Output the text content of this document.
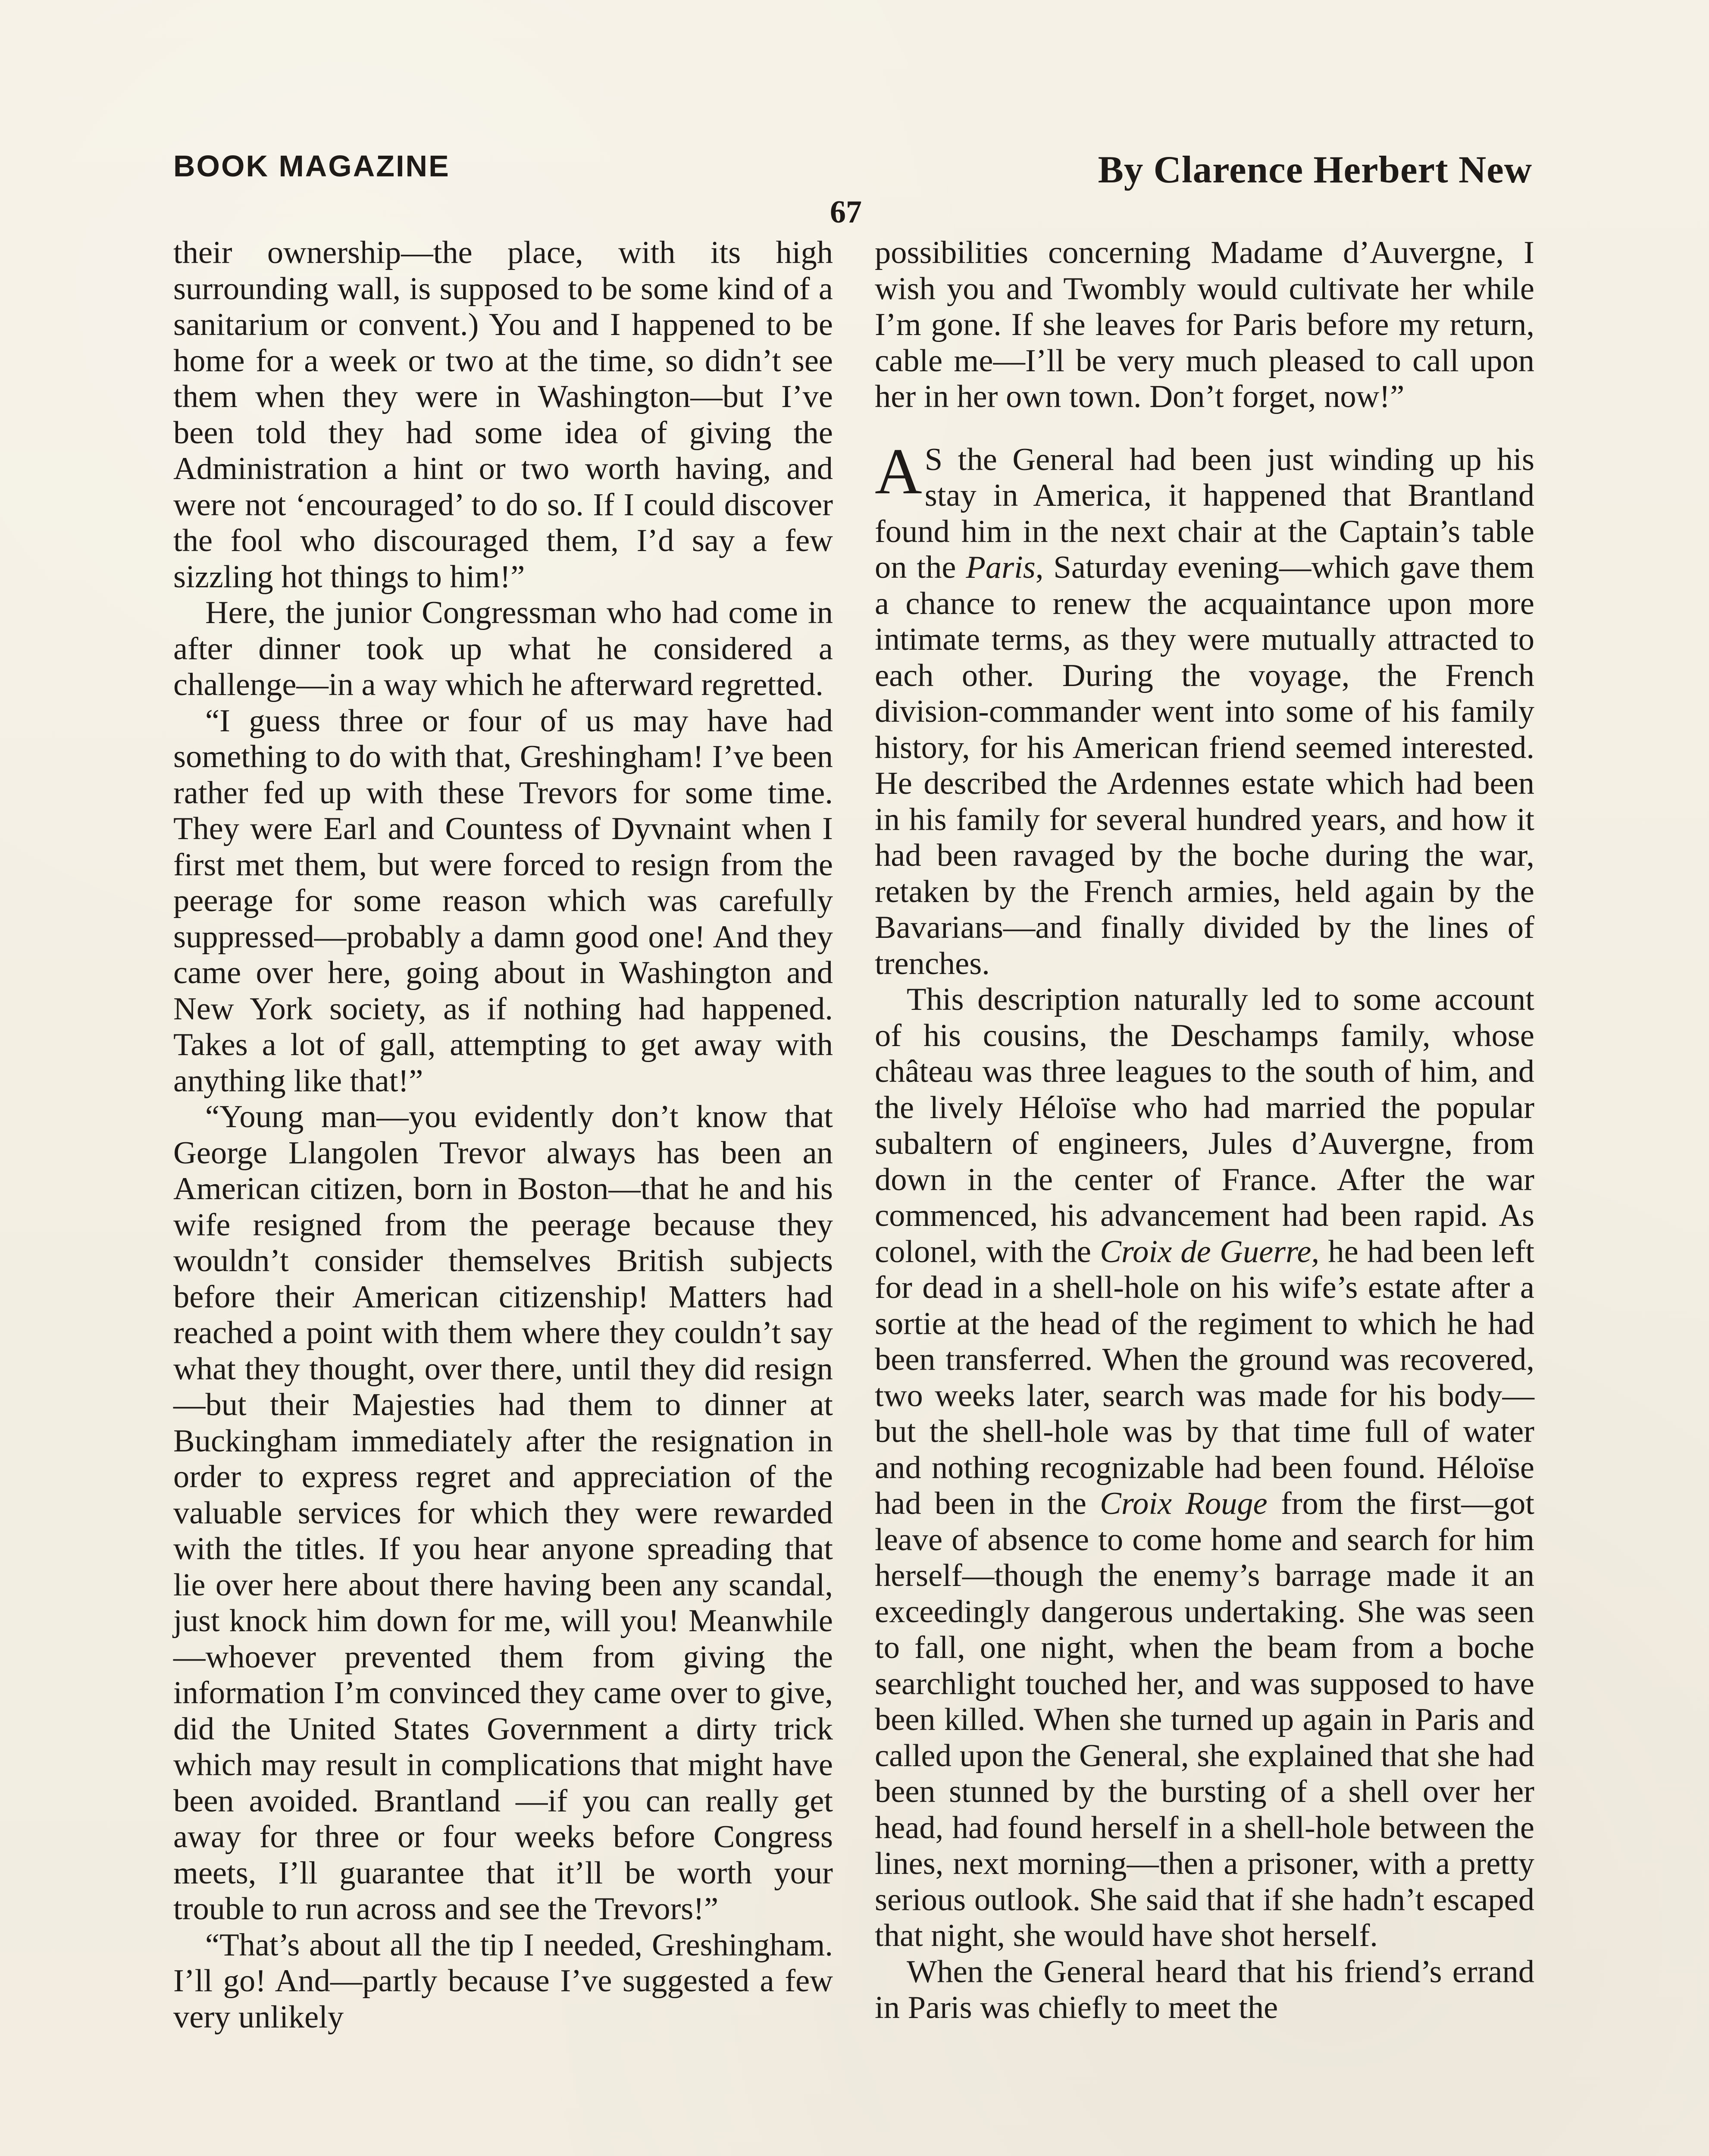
BOOK MAGAZINE	By Clarence Herbert New
67

their ownership—the place, with its high surrounding wall, is supposed to be some kind of a sanitarium or convent.) You and I happened to be home for a week or two at the time, so didn’t see them when they were in Washington—but I’ve been told they had some idea of giving the Administration a hint or two worth having, and were not ‘encouraged’ to do so. If I could discover the fool who discouraged them, I’d say a few sizzling hot things to him!”

Here, the junior Congressman who had come in after dinner took up what he considered a challenge—in a way which he afterward regretted.

“I guess three or four of us may have had something to do with that, Greshingham! I’ve been rather fed up with these Trevors for some time. They were Earl and Countess of Dyvnaint when I first met them, but were forced to resign from the peerage for some reason which was carefully suppressed—probably a damn good one! And they came over here, going about in Washington and New York society, as if nothing had happened. Takes a lot of gall, attempting to get away with anything like that!”

“Young man—you evidently don’t know that George Llangolen Trevor always has been an American citizen, born in Boston—that he and his wife resigned from the peerage because they wouldn’t consider themselves British subjects before their American citizenship! Matters had reached a point with them where they couldn’t say what they thought, over there, until they did resign—but their Majesties had them to dinner at Buckingham immediately after the resignation in order to express regret and appreciation of the valuable services for which they were rewarded with the titles. If you hear anyone spreading that lie over here about there having been any scandal, just knock him down for me, will you! Meanwhile—whoever prevented them from giving the information I’m convinced they came over to give, did the United States Government a dirty trick which may result in complications that might have been avoided. Brantland —if you can really get away for three or four weeks before Congress meets, I’ll guarantee that it’ll be worth your trouble to run across and see the Trevors!”

“That’s about all the tip I needed, Greshingham. I’ll go! And—partly because I’ve suggested a few very unlikely

possibilities concerning Madame d’Auvergne, I wish you and Twombly would cultivate her while I’m gone. If she leaves for Paris before my return, cable me—I’ll be very much pleased to call upon her in her own town. Don’t forget, now!”

A S the General had been just winding up his stay in America, it happened that Brantland found him in the next chair at the Captain’s table on the Paris, Saturday evening—which gave them a chance to renew the acquaintance upon more intimate terms, as they were mutually attracted to each other. During the voyage, the French division-commander went into some of his family history, for his American friend seemed interested. He described the Ardennes estate which had been in his family for several hundred years, and how it had been ravaged by the boche during the war, retaken by the French armies, held again by the Bavarians—and finally divided by the lines of trenches.

This description naturally led to some account of his cousins, the Deschamps family, whose château was three leagues to the south of him, and the lively Héloïse who had married the popular subaltern of engineers, Jules d’Auvergne, from down in the center of France. After the war commenced, his advancement had been rapid. As colonel, with the Croix de Guerre, he had been left for dead in a shell-hole on his wife’s estate after a sortie at the head of the regiment to which he had been transferred. When the ground was recovered, two weeks later, search was made for his body—but the shell-hole was by that time full of water and nothing recognizable had been found. Héloïse had been in the Croix Rouge from the first—got leave of absence to come home and search for him herself—though the enemy’s barrage made it an exceedingly dangerous undertaking. She was seen to fall, one night, when the beam from a boche searchlight touched her, and was supposed to have been killed. When she turned up again in Paris and called upon the General, she explained that she had been stunned by the bursting of a shell over her head, had found herself in a shell-hole between the lines, next morning—then a prisoner, with a pretty serious outlook. She said that if she hadn’t escaped that night, she would have shot herself.

When the General heard that his friend’s errand in Paris was chiefly to meet the
